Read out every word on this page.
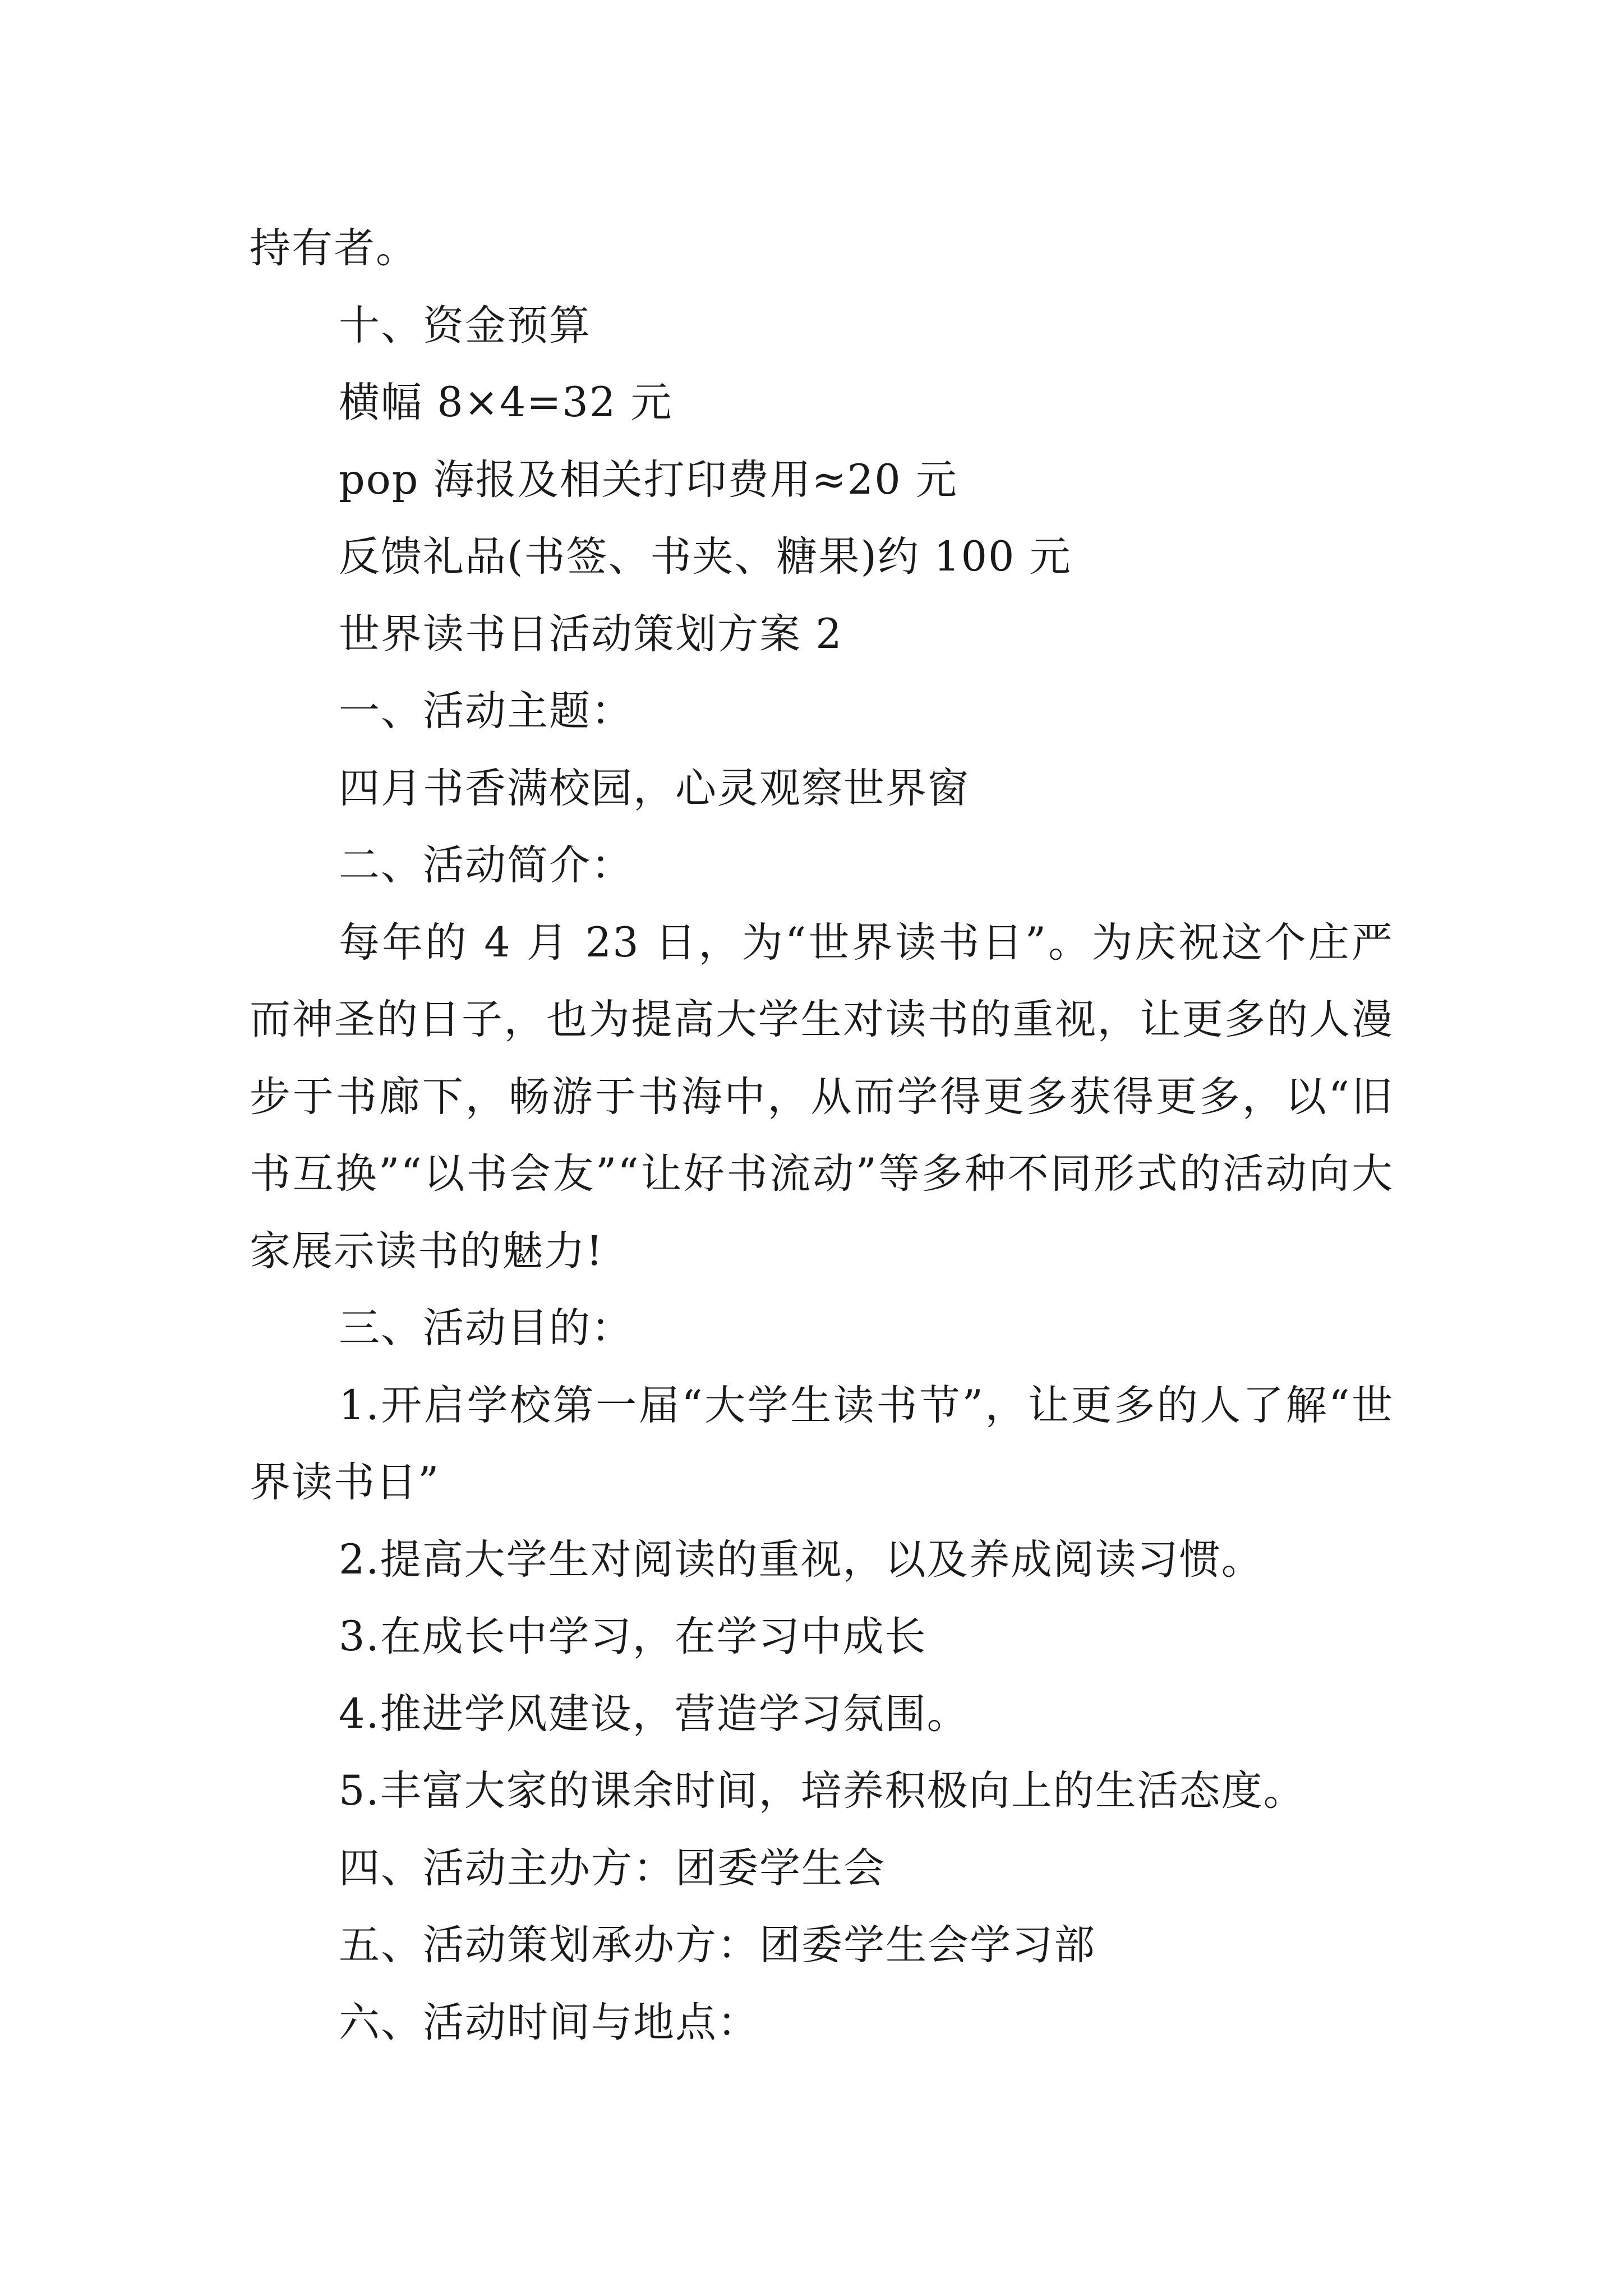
持有者。

十、资金预算

横幅 8×4=32 元

pop 海报及相关打印费用≈20 元

反馈礼品(书签、书夹、糖果)约 100 元

世界读书日活动策划方案 2

一、活动主题：

四月书香满校园，心灵观察世界窗

二、活动简介：

每年的 4 月 23 日，为“世界读书日”。为庆祝这个庄严而神圣的日子，也为提高大学生对读书的重视，让更多的人漫步于书廊下，畅游于书海中，从而学得更多获得更多，以“旧书互换”“以书会友”“让好书流动”等多种不同形式的活动向大家展示读书的魅力!

三、活动目的：

1.开启学校第一届“大学生读书节”，让更多的人了解“世界读书日”

2.提高大学生对阅读的重视，以及养成阅读习惯。

3.在成长中学习，在学习中成长

4.推进学风建设，营造学习氛围。

5.丰富大家的课余时间，培养积极向上的生活态度。

四、活动主办方：团委学生会

五、活动策划承办方：团委学生会学习部

六、活动时间与地点：
